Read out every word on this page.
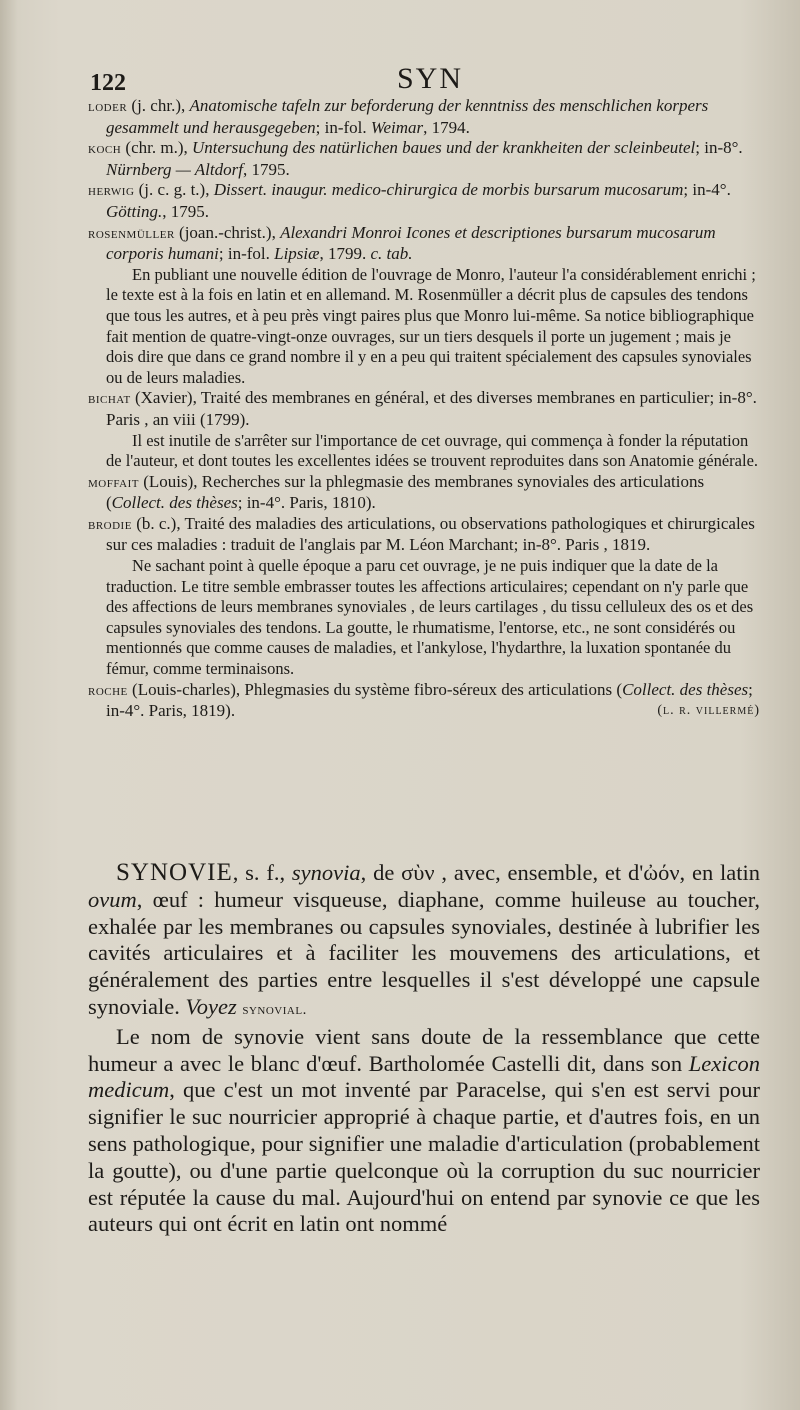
122	SYN

loder (j. chr.), Anatomische tafeln zur beforderung der kenntniss des menschlichen korpers gesammelt und herausgegeben; in-fol. Weimar, 1794.

koch (chr. m.), Untersuchung des natürlichen baues und der krankheiten der scleinbeutel; in-8°. Nürnberg — Altdorf, 1795.

herwig (j. c. g. t.), Dissert. inaugur. medico-chirurgica de morbis bursarum mucosarum; in-4°. Götting., 1795.

rosenmüller (joan.-christ.), Alexandri Monroi Icones et descriptiones bursarum mucosarum corporis humani; in-fol. Lipsiæ, 1799. c. tab.

En publiant une nouvelle édition de l'ouvrage de Monro, l'auteur l'a considérablement enrichi ; le texte est à la fois en latin et en allemand. M. Rosenmüller a décrit plus de capsules des tendons que tous les autres, et à peu près vingt paires plus que Monro lui-même. Sa notice bibliographique fait mention de quatre-vingt-onze ouvrages, sur un tiers desquels il porte un jugement ; mais je dois dire que dans ce grand nombre il y en a peu qui traitent spécialement des capsules synoviales ou de leurs maladies.

bichat (Xavier), Traité des membranes en général, et des diverses membranes en particulier; in-8°. Paris , an viii (1799).

Il est inutile de s'arrêter sur l'importance de cet ouvrage, qui commença à fonder la réputation de l'auteur, et dont toutes les excellentes idées se trouvent reproduites dans son Anatomie générale.

moffait (Louis), Recherches sur la phlegmasie des membranes synoviales des articulations (Collect. des thèses; in-4°. Paris, 1810).

brodie (b. c.), Traité des maladies des articulations, ou observations pathologiques et chirurgicales sur ces maladies : traduit de l'anglais par M. Léon Marchant; in-8°. Paris , 1819.

Ne sachant point à quelle époque a paru cet ouvrage, je ne puis indiquer que la date de la traduction. Le titre semble embrasser toutes les affections articulaires; cependant on n'y parle que des affections de leurs membranes synoviales , de leurs cartilages , du tissu celluleux des os et des capsules synoviales des tendons. La goutte, le rhumatisme, l'entorse, etc., ne sont considérés ou mentionnés que comme causes de maladies, et l'ankylose, l'hydarthre, la luxation spontanée du fémur, comme terminaisons.

roche (Louis-charles), Phlegmasies du système fibro-séreux des articulations (Collect. des thèses; in-4°. Paris, 1819).	(l. r. villermé)

SYNOVIE, s. f., synovia, de σὺν , avec, ensemble, et d'ὠόν, en latin ovum, œuf : humeur visqueuse, diaphane, comme huileuse au toucher, exhalée par les membranes ou capsules synoviales, destinée à lubrifier les cavités articulaires et à faciliter les mouvemens des articulations, et généralement des parties entre lesquelles il s'est développé une capsule synoviale. Voyez synovial.

Le nom de synovie vient sans doute de la ressemblance que cette humeur a avec le blanc d'œuf. Bartholomée Castelli dit, dans son Lexicon medicum, que c'est un mot inventé par Paracelse, qui s'en est servi pour signifier le suc nourricier approprié à chaque partie, et d'autres fois, en un sens pathologique, pour signifier une maladie d'articulation (probablement la goutte), ou d'une partie quelconque où la corruption du suc nourricier est réputée la cause du mal. Aujourd'hui on entend par synovie ce que les auteurs qui ont écrit en latin ont nommé
